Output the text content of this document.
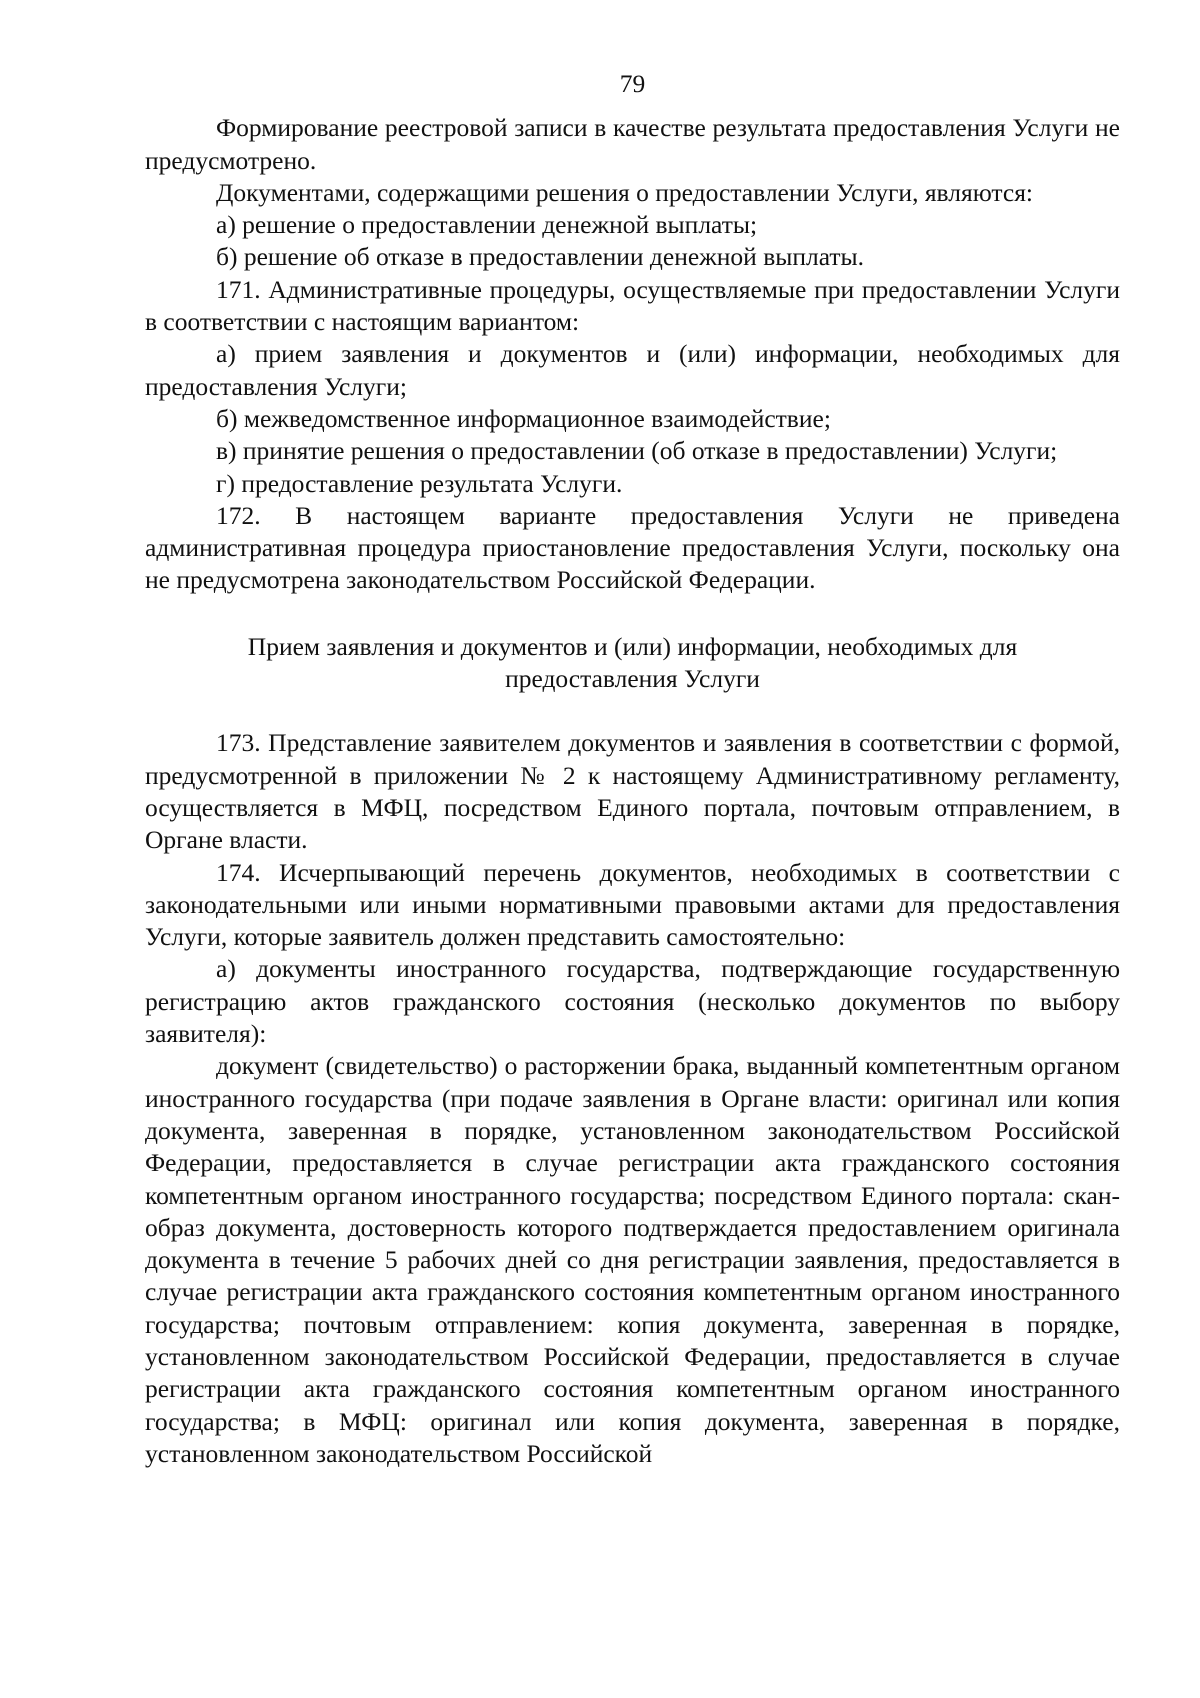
79

Формирование реестровой записи в качестве результата предоставления Услуги не предусмотрено.

Документами, содержащими решения о предоставлении Услуги, являются:

а) решение о предоставлении денежной выплаты;

б) решение об отказе в предоставлении денежной выплаты.

171. Административные процедуры, осуществляемые при предоставлении Услуги в соответствии с настоящим вариантом:

а) прием заявления и документов и (или) информации, необходимых для предоставления Услуги;

б) межведомственное информационное взаимодействие;

в) принятие решения о предоставлении (об отказе в предоставлении) Услуги;

г) предоставление результата Услуги.

172. В настоящем варианте предоставления Услуги не приведена административная процедура приостановление предоставления Услуги, поскольку она не предусмотрена законодательством Российской Федерации.

Прием заявления и документов и (или) информации, необходимых для

предоставления Услуги

173. Представление заявителем документов и заявления в соответствии с формой, предусмотренной в приложении № 2 к настоящему Административному регламенту, осуществляется в МФЦ, посредством Единого портала, почтовым отправлением, в Органе власти.

174. Исчерпывающий перечень документов, необходимых в соответствии с законодательными или иными нормативными правовыми актами для предоставления Услуги, которые заявитель должен представить самостоятельно:

а) документы иностранного государства, подтверждающие государственную регистрацию актов гражданского состояния (несколько документов по выбору заявителя):

документ (свидетельство) о расторжении брака, выданный компетентным органом иностранного государства (при подаче заявления в Органе власти: оригинал или копия документа, заверенная в порядке, установленном законодательством Российской Федерации, предоставляется в случае регистрации акта гражданского состояния компетентным органом иностранного государства; посредством Единого портала: скан-образ документа, достоверность которого подтверждается предоставлением оригинала документа в течение 5 рабочих дней со дня регистрации заявления, предоставляется в случае регистрации акта гражданского состояния компетентным органом иностранного государства; почтовым отправлением: копия документа, заверенная в порядке, установленном законодательством Российской Федерации, предоставляется в случае регистрации акта гражданского состояния компетентным органом иностранного государства; в МФЦ: оригинал или копия документа, заверенная в порядке, установленном законодательством Российской
